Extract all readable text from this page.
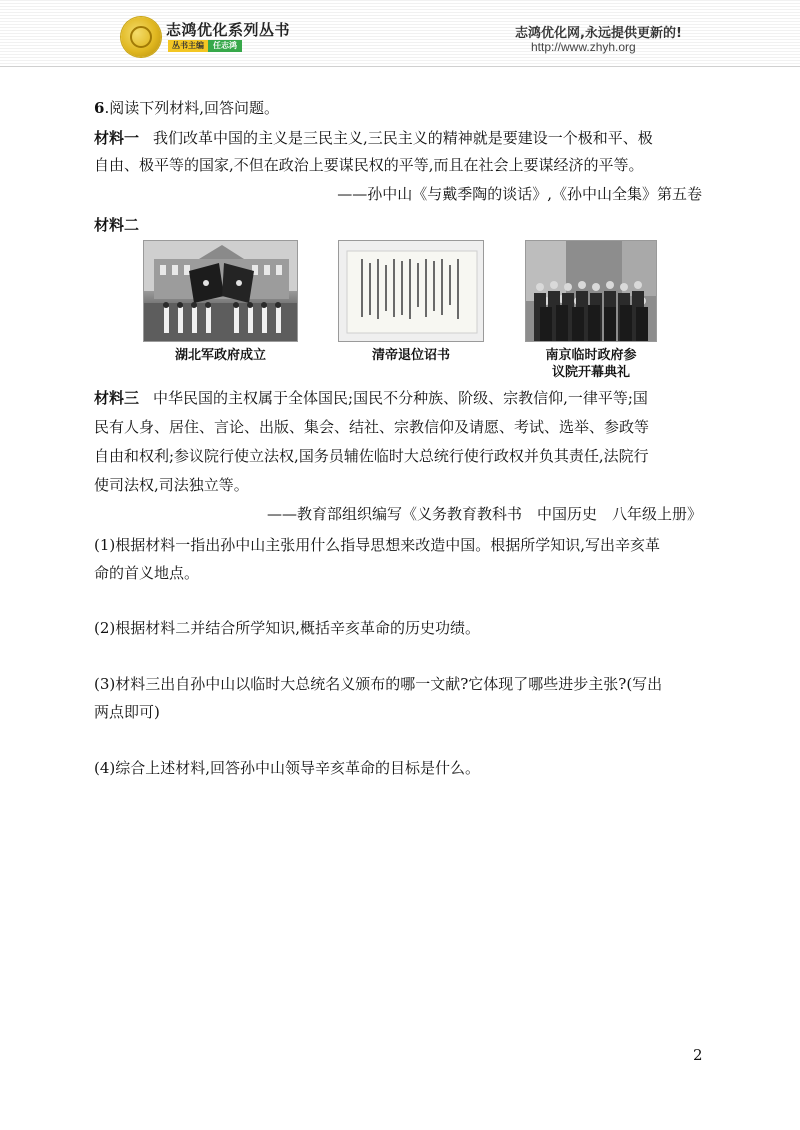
志鸿优化系列丛书
丛书主编	任志鸿
志鸿优化网,永远提供更新的!
http://www.zhyh.org
6.阅读下列材料,回答问题。
材料一 我们改革中国的主义是三民主义,三民主义的精神就是要建设一个极和平、极
自由、极平等的国家,不但在政治上要谋民权的平等,而且在社会上要谋经济的平等。
——孙中山《与戴季陶的谈话》,《孙中山全集》第五卷
材料二
湖北军政府成立	清帝退位诏书	南京临时政府参
议院开幕典礼
材料三 中华民国的主权属于全体国民;国民不分种族、阶级、宗教信仰,一律平等;国
民有人身、居住、言论、出版、集会、结社、宗教信仰及请愿、考试、选举、参政等
自由和权利;参议院行使立法权,国务员辅佐临时大总统行使行政权并负其责任,法院行
使司法权,司法独立等。
——教育部组织编写《义务教育教科书　中国历史　八年级上册》
(1)根据材料一指出孙中山主张用什么指导思想来改造中国。根据所学知识,写出辛亥革
命的首义地点。
(2)根据材料二并结合所学知识,概括辛亥革命的历史功绩。
(3)材料三出自孙中山以临时大总统名义颁布的哪一文献?它体现了哪些进步主张?(写出
两点即可)
(4)综合上述材料,回答孙中山领导辛亥革命的目标是什么。
2
